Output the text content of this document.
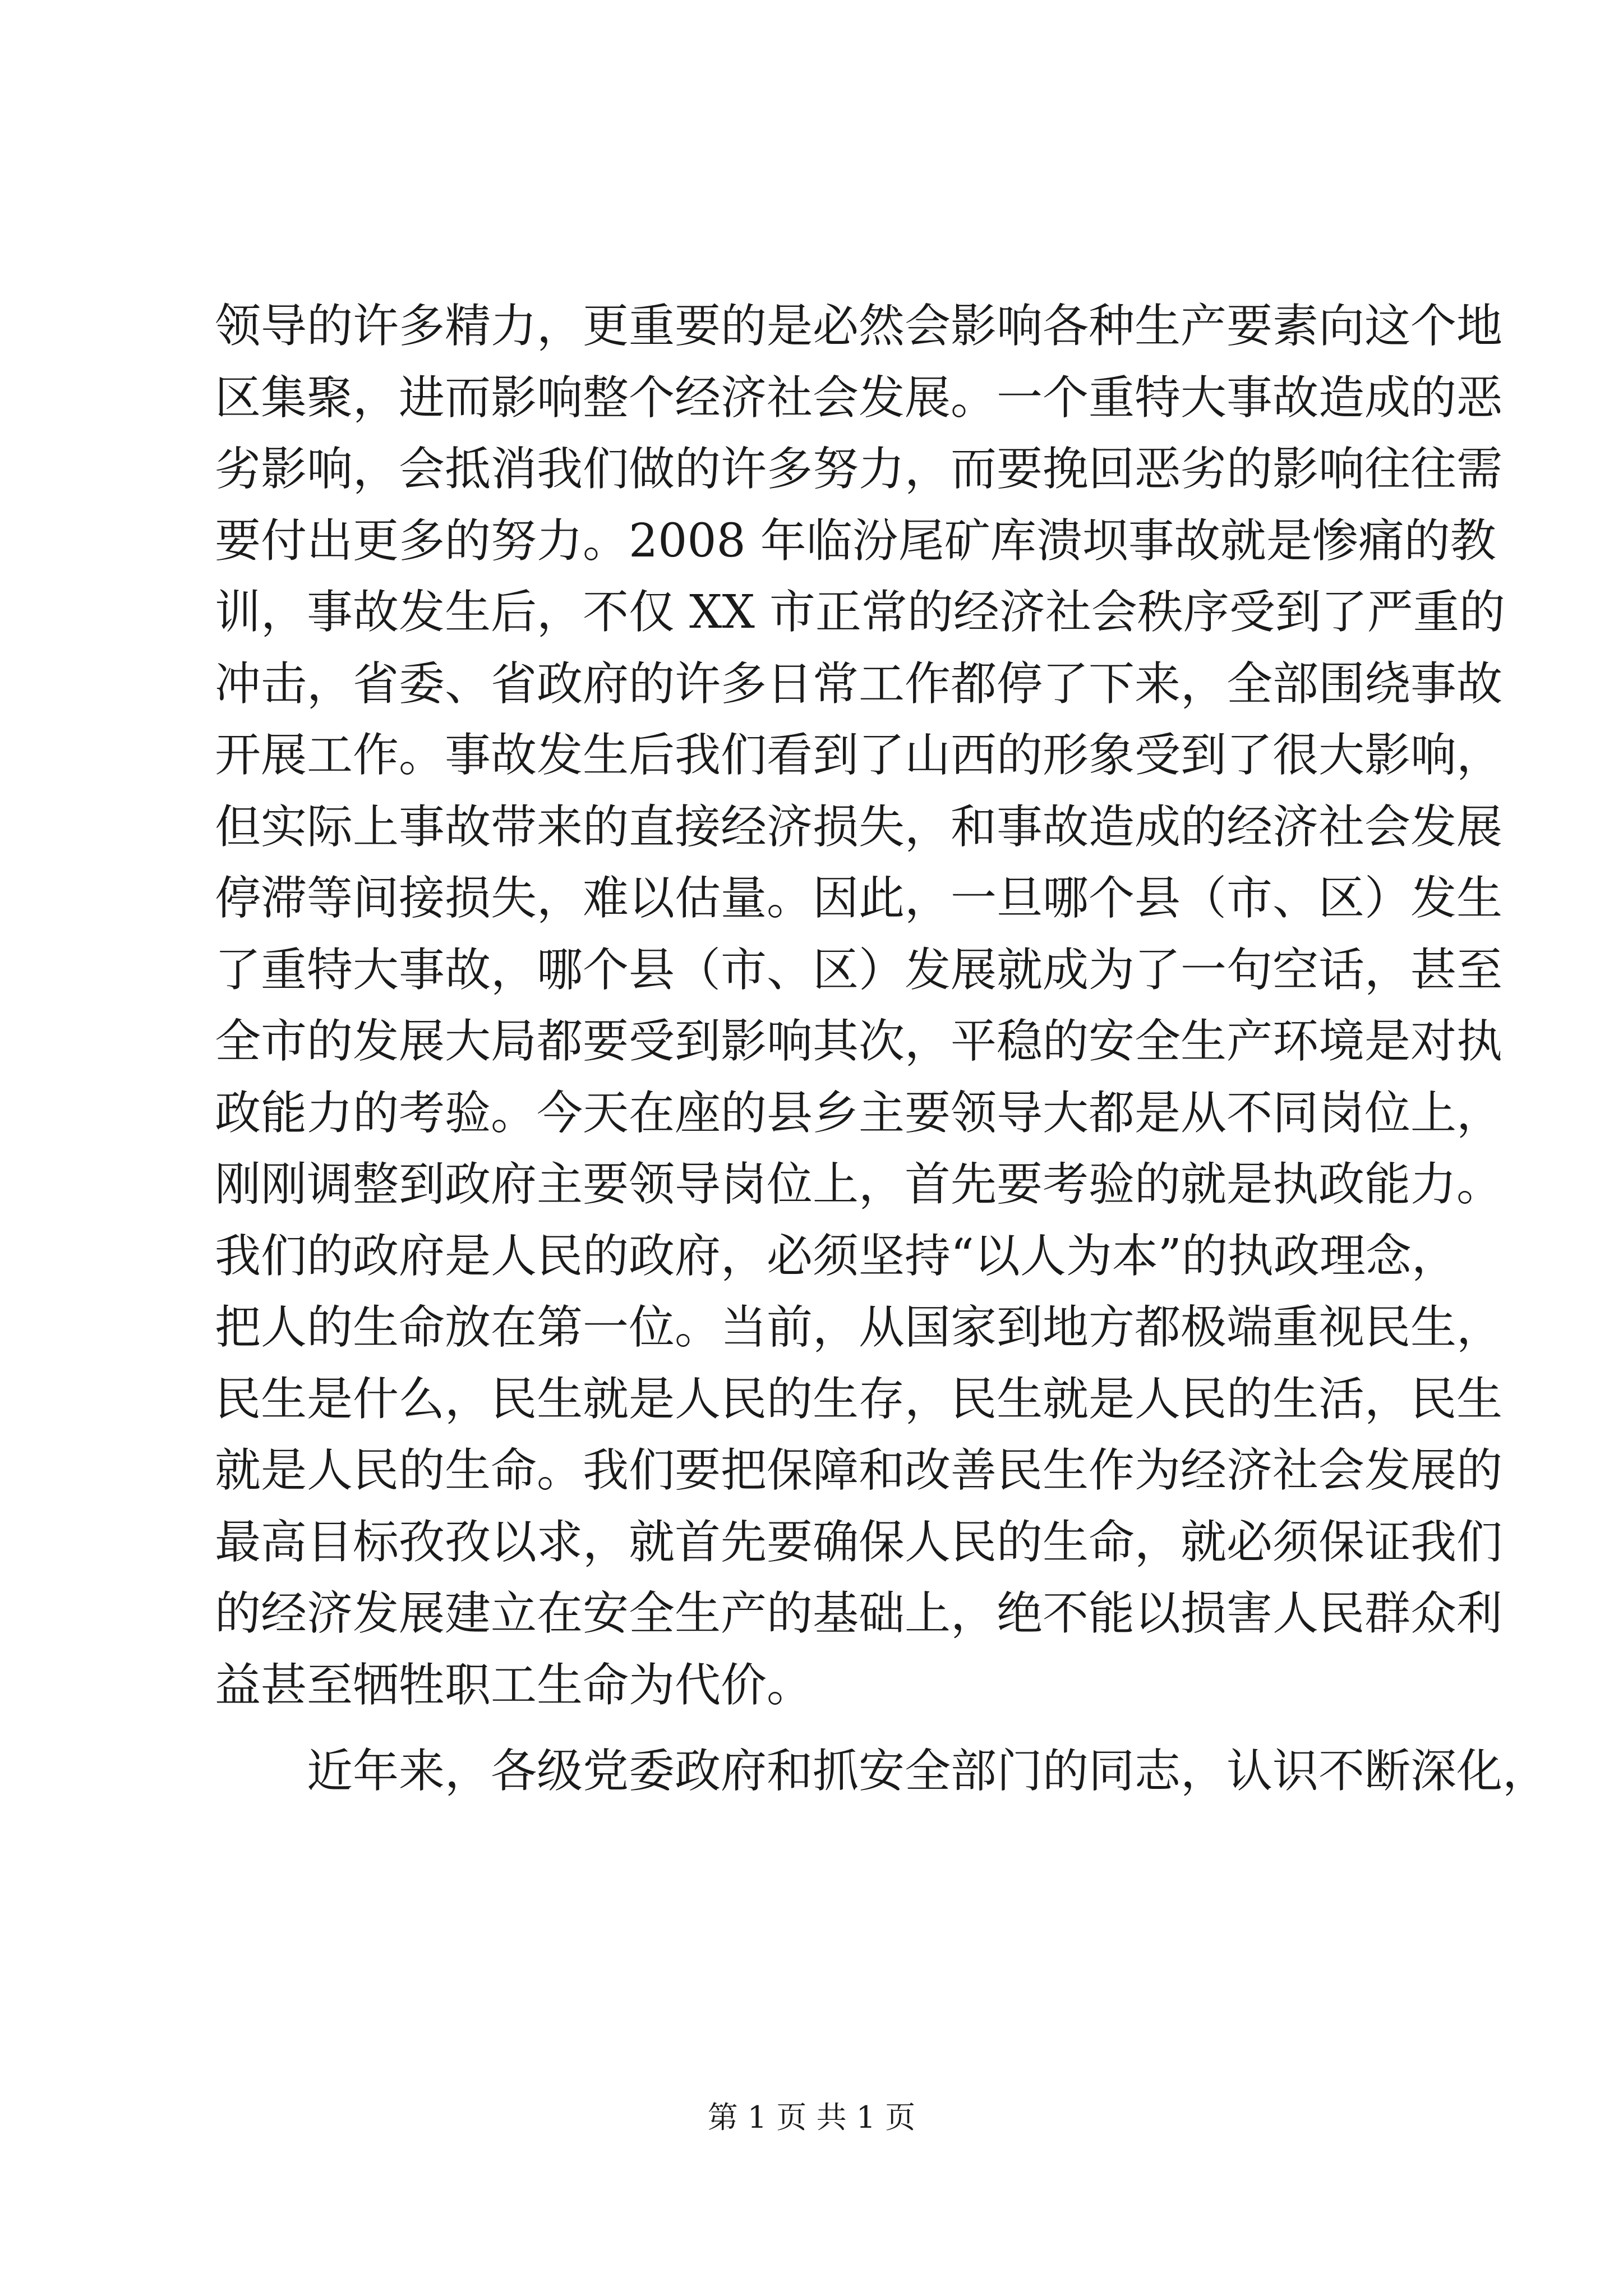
领导的许多精力，更重要的是必然会影响各种生产要素向这个地
区集聚，进而影响整个经济社会发展。一个重特大事故造成的恶
劣影响，会抵消我们做的许多努力，而要挽回恶劣的影响往往需
要付出更多的努力。2008 年临汾尾矿库溃坝事故就是惨痛的教
训，事故发生后，不仅 XX 市正常的经济社会秩序受到了严重的
冲击，省委、省政府的许多日常工作都停了下来，全部围绕事故
开展工作。事故发生后我们看到了山西的形象受到了很大影响，
但实际上事故带来的直接经济损失，和事故造成的经济社会发展
停滞等间接损失，难以估量。因此，一旦哪个县（市、区）发生
了重特大事故，哪个县（市、区）发展就成为了一句空话，甚至
全市的发展大局都要受到影响其次，平稳的安全生产环境是对执
政能力的考验。今天在座的县乡主要领导大都是从不同岗位上，
刚刚调整到政府主要领导岗位上，首先要考验的就是执政能力。
我们的政府是人民的政府，必须坚持“以人为本”的执政理念，
把人的生命放在第一位。当前，从国家到地方都极端重视民生，
民生是什么，民生就是人民的生存，民生就是人民的生活，民生
就是人民的生命。我们要把保障和改善民生作为经济社会发展的
最高目标孜孜以求，就首先要确保人民的生命，就必须保证我们
的经济发展建立在安全生产的基础上，绝不能以损害人民群众利
益甚至牺牲职工生命为代价。
近年来，各级党委政府和抓安全部门的同志，认识不断深化，
第 1 页 共 1 页
